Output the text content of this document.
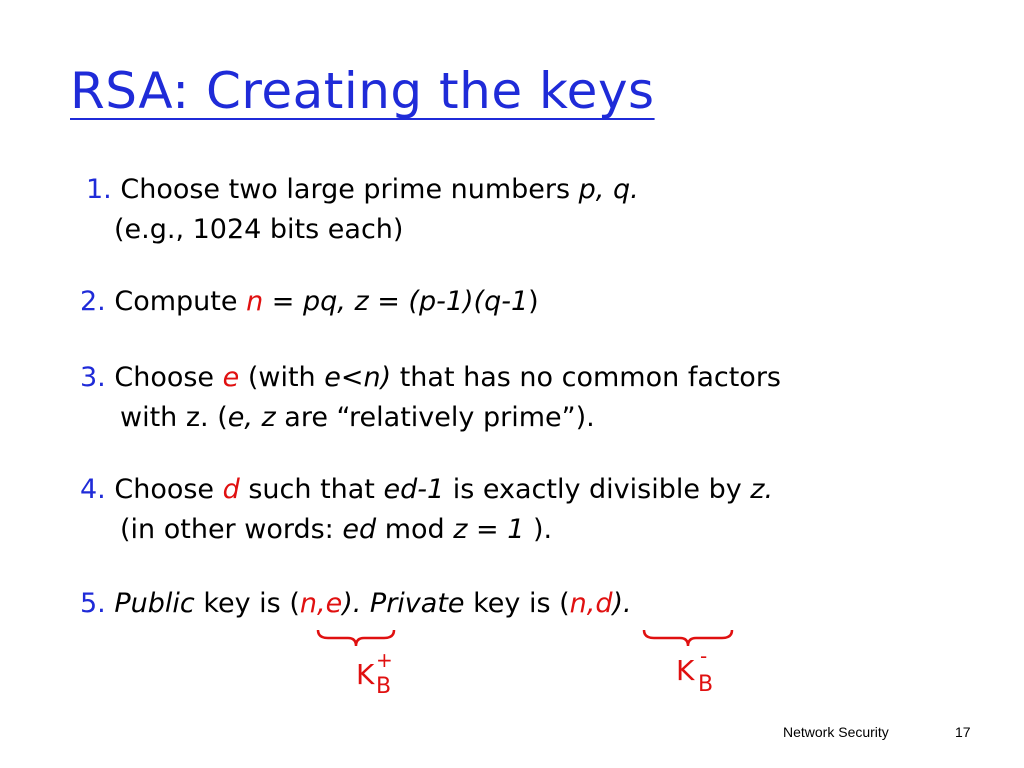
RSA: Creating the keys
1. Choose two large prime numbers p, q.
(e.g., 1024 bits each)
2. Compute n = pq, z = (p-1)(q-1)
3. Choose e (with e<n) that has no common factors
with z. (e, z are “relatively prime”).
4. Choose d such that ed-1 is exactly divisible by z.
(in other words: ed mod z = 1 ).
5. Public key is (n,e). Private key is (n,d).
K +
B	K -
B
Network Security	17
